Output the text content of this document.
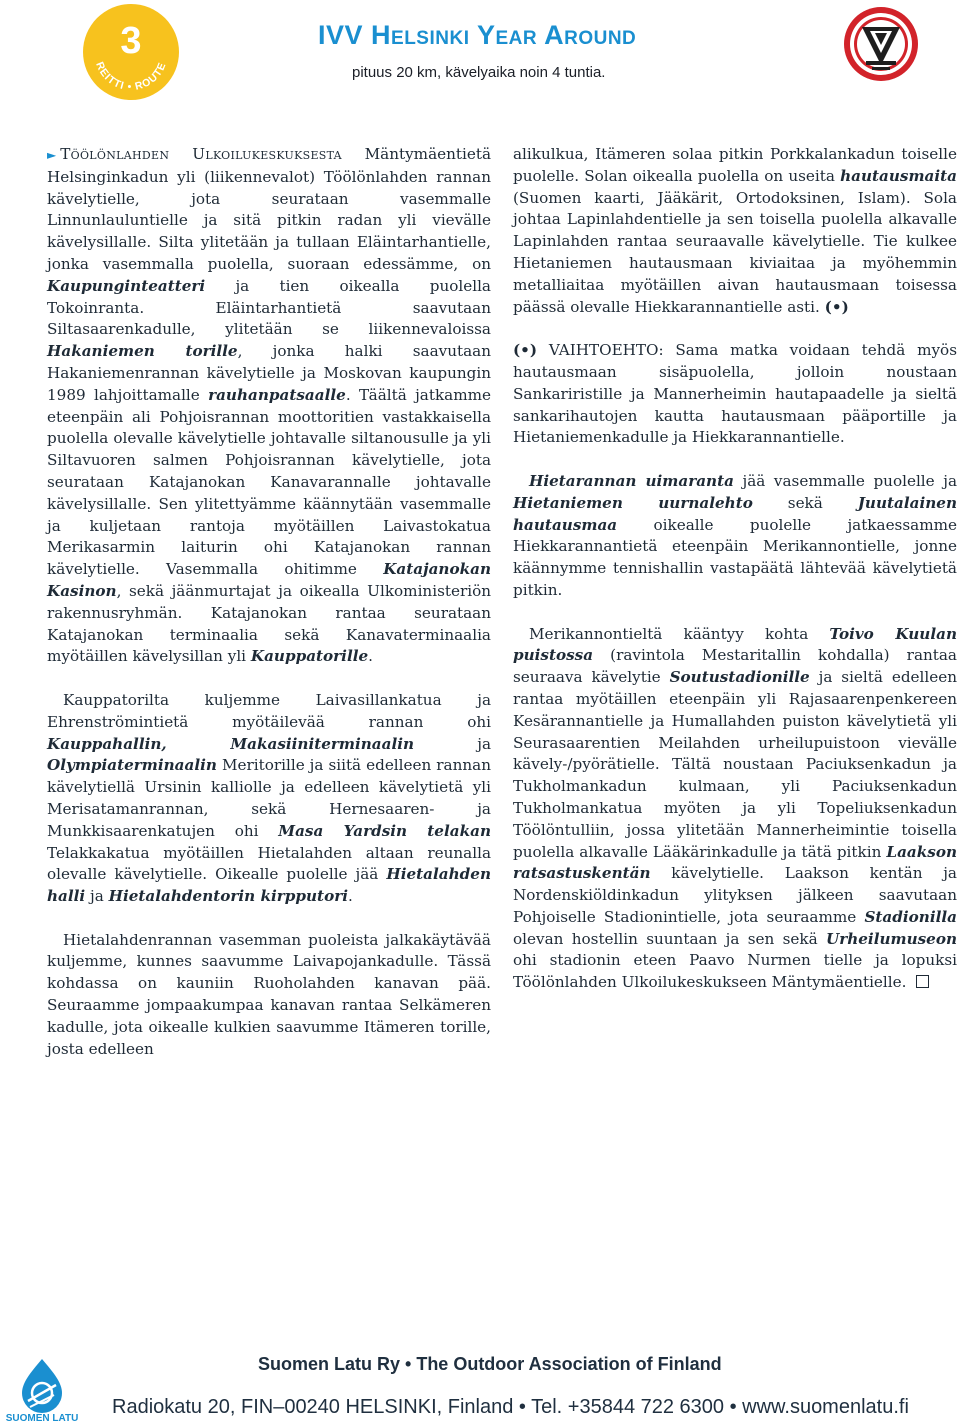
3
REITTI • ROUTE
IVV Helsinki Year Around

pituus 20 km, kävelyaika noin 4 tuntia.

► Töölönlahden Ulkoilukeskuksesta Mäntymäentietä Helsinginkadun yli (liikennevalot) Töölönlahden rannan kävelytielle, jota seurataan vasemmalle Linnunlauluntielle ja sitä pitkin radan yli vievälle kävelysillalle. Silta ylitetään ja tullaan Eläintarhantielle, jonka vasemmalla puolella, suoraan edessämme, on Kaupunginteatteri ja tien oikealla puolella Tokoinranta. Eläintarhantietä saavutaan Siltasaarenkadulle, ylitetään se liikennevaloissa Hakaniemen torille, jonka halki saavutaan Hakaniemenrannan kävelytielle ja Moskovan kaupungin 1989 lahjoittamalle rauhanpatsaalle. Täältä jatkamme eteenpäin ali Pohjoisrannan moottoritien vastakkaisella puolella olevalle kävelytielle johtavalle siltanousulle ja yli Siltavuoren salmen Pohjoisrannan kävelytielle, jota seurataan Katajanokan Kanavarannalle johtavalle kävelysillalle. Sen ylitettyämme käännytään vasemmalle ja kuljetaan rantoja myötäillen Laivastokatua Merikasarmin laiturin ohi Katajanokan rannan kävelytielle. Vasemmalla ohitimme Katajanokan Kasinon, sekä jäänmurtajat ja oikealla Ulkoministeriön rakennusryhmän. Katajanokan rantaa seurataan Katajanokan terminaalia sekä Kanavaterminaalia myötäillen kävelysillan yli Kauppatorille.

Kauppatorilta kuljemme Laivasillankatua ja Ehrenströmintietä myötäilevää rannan ohi Kauppahallin, Makasiiniterminaalin ja Olympiaterminaalin Meritorille ja siitä edelleen rannan kävelytiellä Ursinin kalliolle ja edelleen kävelytietä yli Merisatamanrannan, sekä Hernesaaren- ja Munkkisaarenkatujen ohi Masa Yardsin telakan Telakkakatua myötäillen Hietalahden altaan reunalla olevalle kävelytielle. Oikealle puolelle jää Hietalahden halli ja Hietalahdentorin kirpputori.

Hietalahdenrannan vasemman puoleista jalkakäytävää kuljemme, kunnes saavumme Laivapojankadulle. Tässä kohdassa on kauniin Ruoholahden kanavan pää. Seuraamme jompaakumpaa kanavan rantaa Selkämeren kadulle, jota oikealle kulkien saavumme Itämeren torille, josta edelleen

alikulkua, Itämeren solaa pitkin Porkkalankadun toiselle puolelle. Solan oikealla puolella on useita hautausmaita (Suomen kaarti, Jääkärit, Ortodoksinen, Islam). Sola johtaa Lapinlahdentielle ja sen toisella puolella alkavalle Lapinlahden rantaa seuraavalle kävelytielle. Tie kulkee Hietaniemen hautausmaan kiviaitaa ja myöhemmin metalliaitaa myötäillen aivan hautausmaan toisessa päässä olevalle Hiekkarannantielle asti. (•)

(•) VAIHTOEHTO: Sama matka voidaan tehdä myös hautausmaan sisäpuolella, jolloin noustaan Sankariristille ja Mannerheimin hautapaadelle ja sieltä sankarihautojen kautta hautausmaan pääportille ja Hietaniemenkadulle ja Hiekkarannantielle.

Hietarannan uimaranta jää vasemmalle puolelle ja Hietaniemen uurnalehto sekä Juutalainen hautausmaa oikealle puolelle jatkaessamme Hiekkarannantietä eteenpäin Merikannontielle, jonne käännymme tennishallin vastapäätä lähtevää kävelytietä pitkin.

Merikannontieltä kääntyy kohta Toivo Kuulan puistossa (ravintola Mestaritallin kohdalla) rantaa seuraava kävelytie Soutustadionille ja sieltä edelleen rantaa myötäillen eteenpäin yli Rajasaarenpenkereen Kesärannantielle ja Humallahden puiston kävelytietä yli Seurasaarentien Meilahden urheilupuistoon vievälle kävely-/pyörätielle. Tältä noustaan Paciuksenkadun ja Tukholmankadun kulmaan, yli Paciuksenkadun Tukholmankatua myöten ja yli Topeliuksenkadun Töölöntulliin, jossa ylitetään Mannerheimintie toisella puolella alkavalle Lääkärinkadulle ja tätä pitkin Laakson ratsastuskentän kävelytielle. Laakson kentän ja Nordenskiöldinkadun ylityksen jälkeen saavutaan Pohjoiselle Stadionintielle, jota seuraamme Stadionilla olevan hostellin suuntaan ja sen sekä Urheilumuseon ohi stadionin eteen Paavo Nurmen tielle ja lopuksi Töölönlahden Ulkoilukeskukseen Mäntymäentielle.

SUOMEN LATU

Suomen Latu Ry • The Outdoor Association of Finland

Radiokatu 20, FIN–00240 HELSINKI, Finland • Tel. +35844 722 6300 • www.suomenlatu.fi
